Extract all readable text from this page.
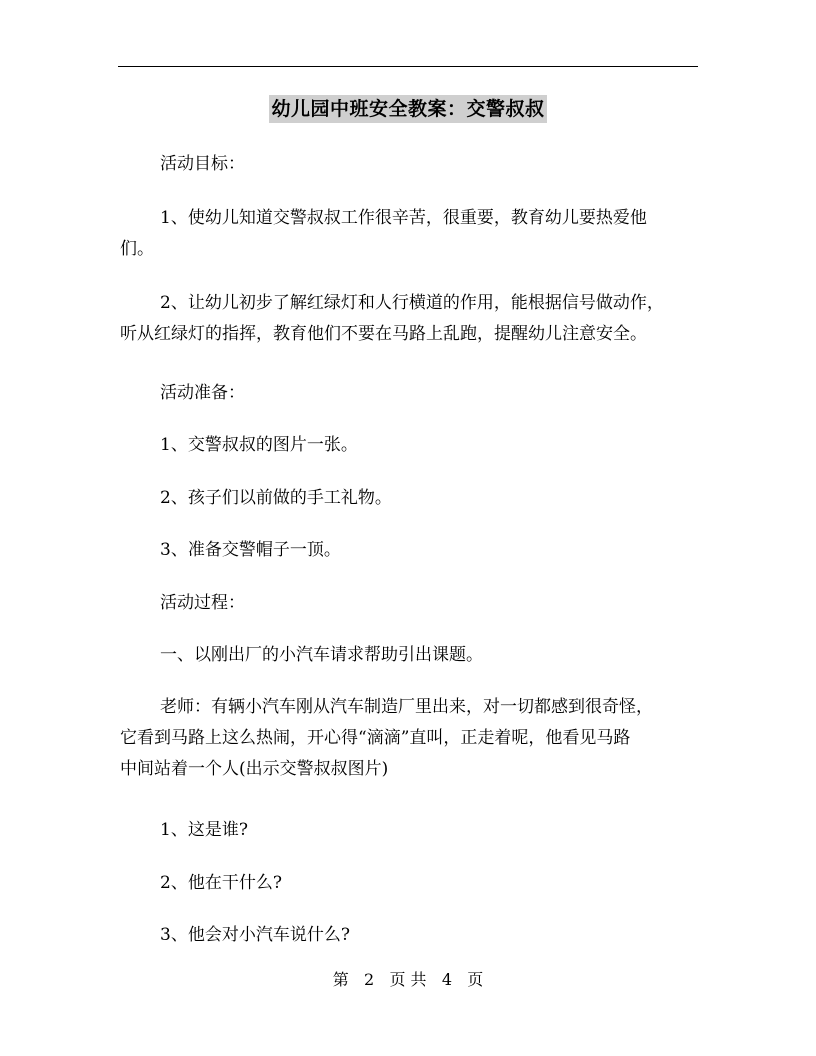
幼儿园中班安全教案：交警叔叔

活动目标：

1、使幼儿知道交警叔叔工作很辛苦，很重要，教育幼儿要热爱他
们。

2、让幼儿初步了解红绿灯和人行横道的作用，能根据信号做动作，
听从红绿灯的指挥，教育他们不要在马路上乱跑，提醒幼儿注意安全。

活动准备：

1、交警叔叔的图片一张。

2、孩子们以前做的手工礼物。

3、准备交警帽子一顶。

活动过程：

一、以刚出厂的小汽车请求帮助引出课题。

老师：有辆小汽车刚从汽车制造厂里出来，对一切都感到很奇怪，
它看到马路上这么热闹，开心得“滴滴”直叫，正走着呢，他看见马路
中间站着一个人(出示交警叔叔图片)

1、这是谁?

2、他在干什么?

3、他会对小汽车说什么?

第 2 页 共 4 页
